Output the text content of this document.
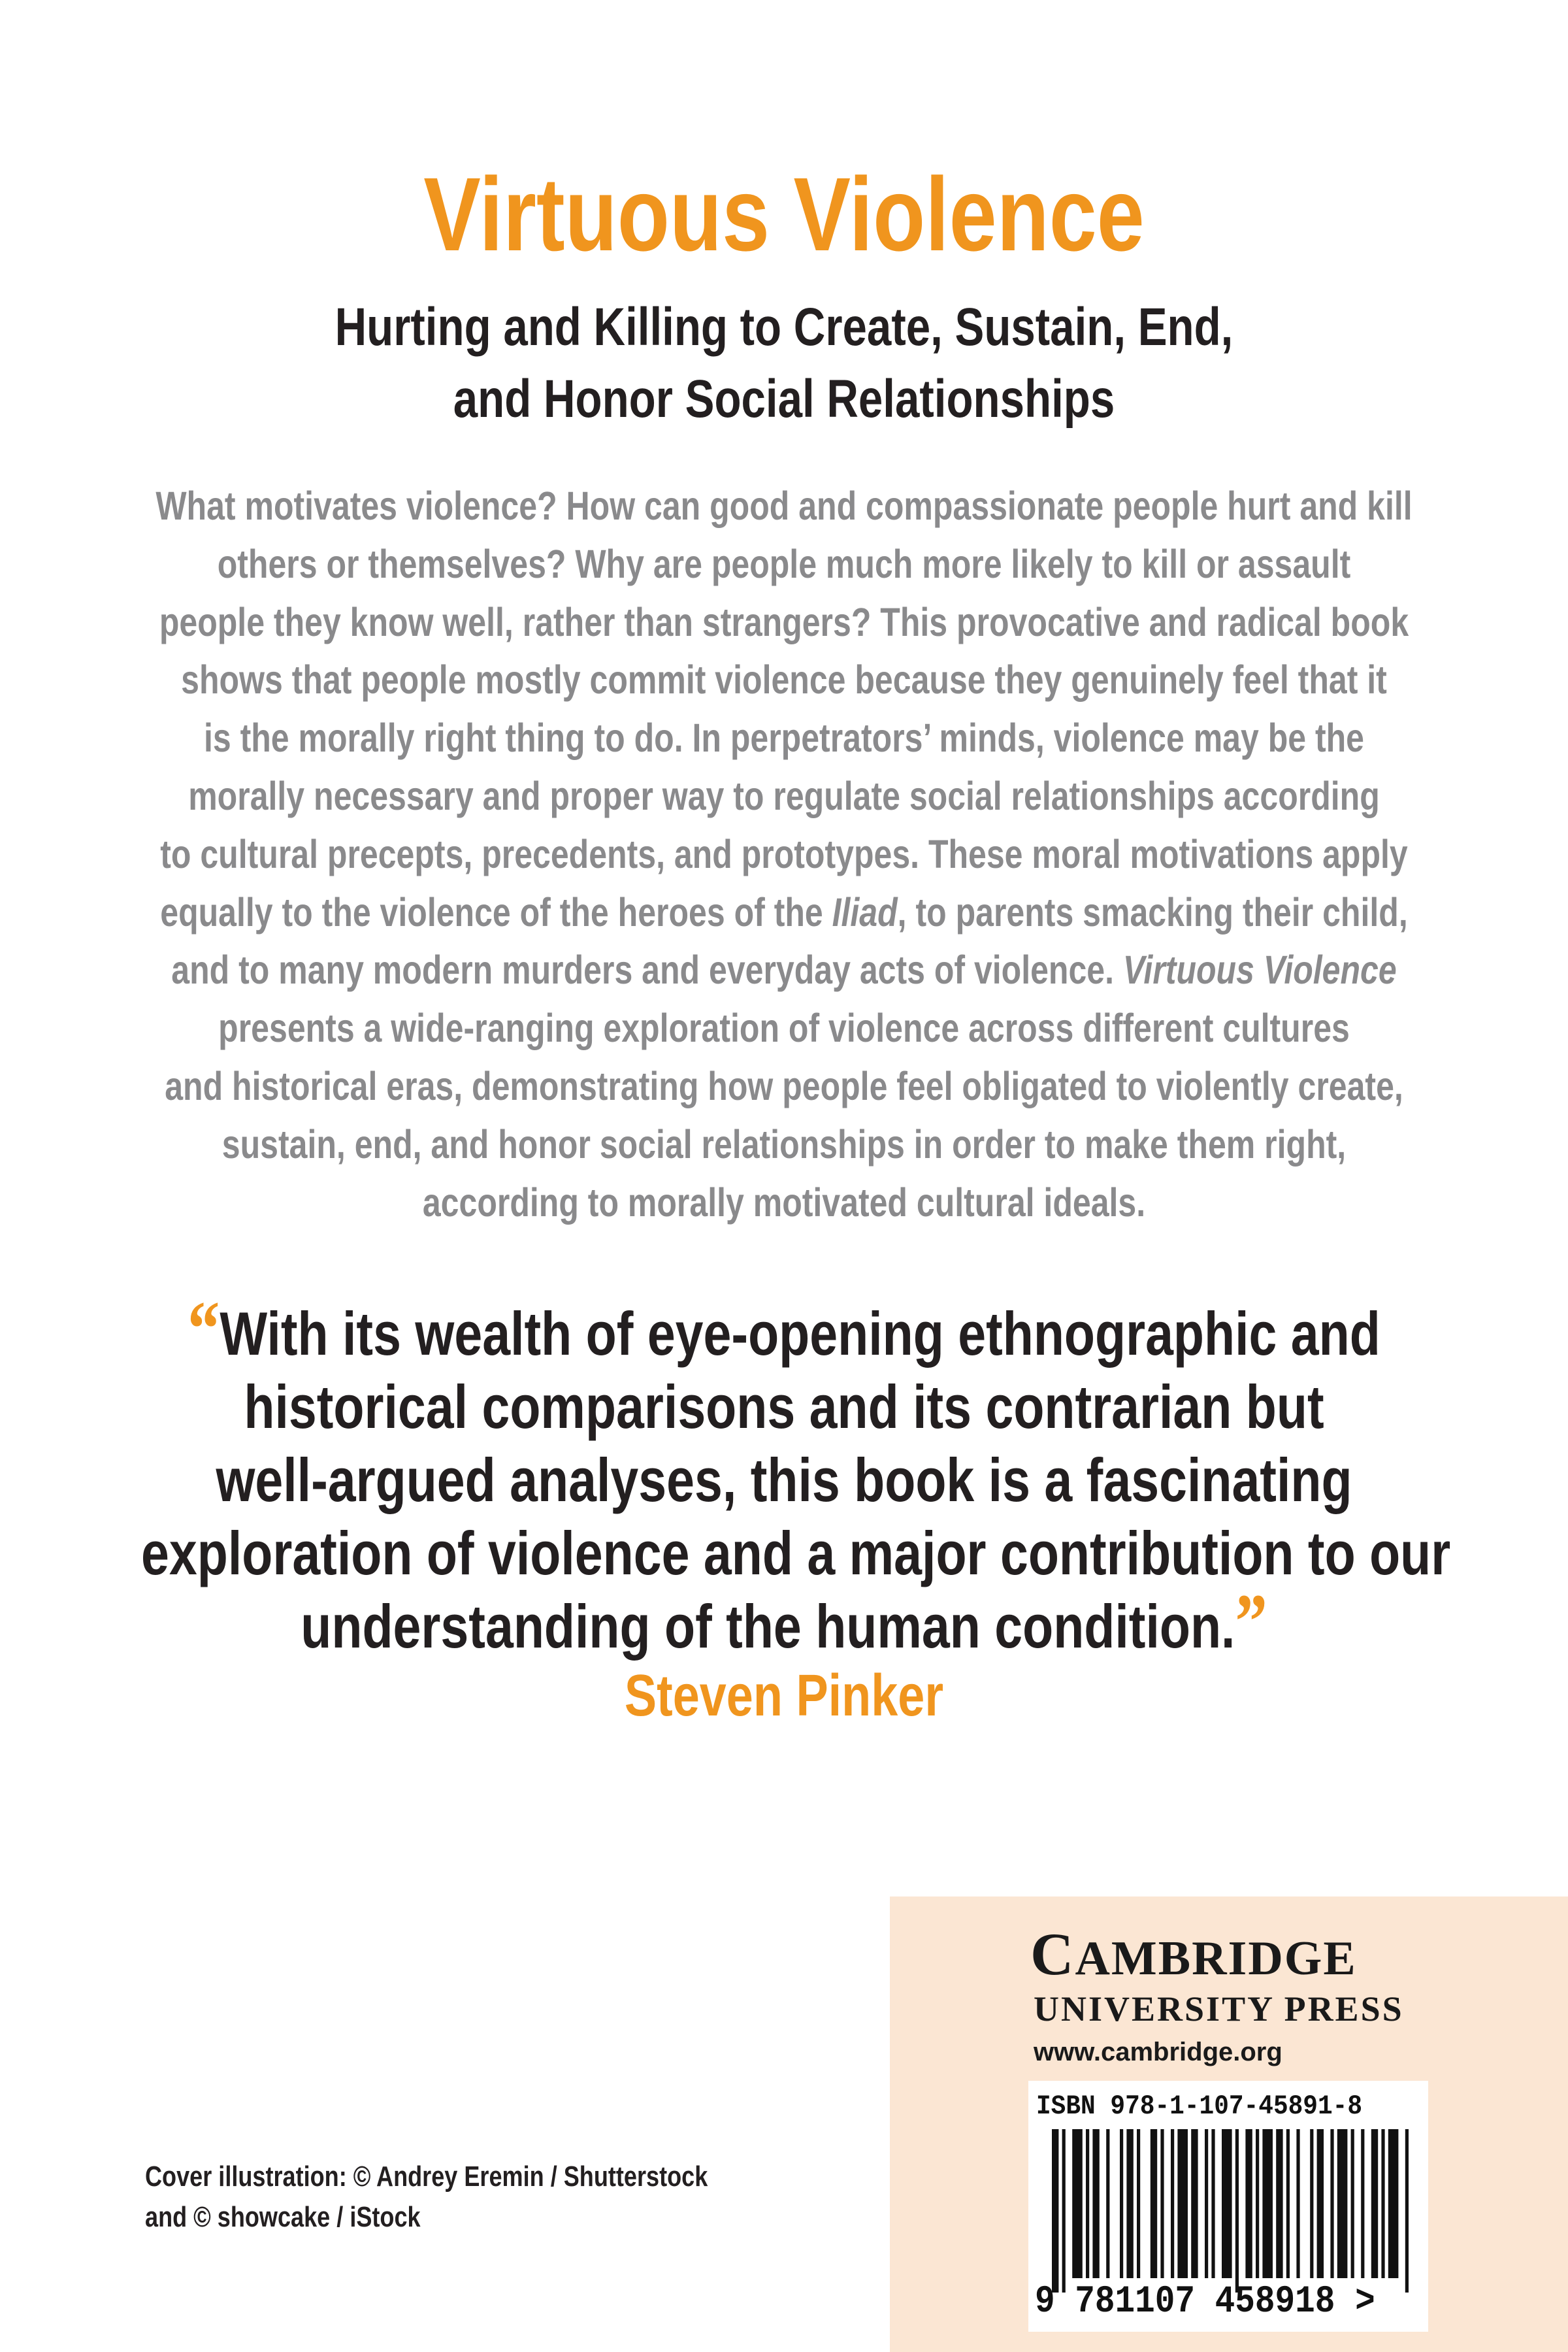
Virtuous Violence
Hurting and Killing to Create, Sustain, End,
and Honor Social Relationships
What motivates violence? How can good and compassionate people hurt and kill
others or themselves? Why are people much more likely to kill or assault
people they know well, rather than strangers? This provocative and radical book
shows that people mostly commit violence because they genuinely feel that it
is the morally right thing to do. In perpetrators’ minds, violence may be the
morally necessary and proper way to regulate social relationships according
to cultural precepts, precedents, and prototypes. These moral motivations apply
equally to the violence of the heroes of the Iliad, to parents smacking their child,
and to many modern murders and everyday acts of violence. Virtuous Violence
presents a wide-ranging exploration of violence across different cultures
and historical eras, demonstrating how people feel obligated to violently create,
sustain, end, and honor social relationships in order to make them right,
according to morally motivated cultural ideals.
“With its wealth of eye-opening ethnographic and
historical comparisons and its contrarian but
well-argued analyses, this book is a fascinating
exploration of violence and a major contribution to our
understanding of the human condition.”
Steven Pinker
Cover illustration: © Andrey Eremin / Shutterstock
and © showcake / iStock
CAMBRIDGE
UNIVERSITY PRESS
www.cambridge.org
ISBN 978-1-107-45891-8
9 781107 458918 >
